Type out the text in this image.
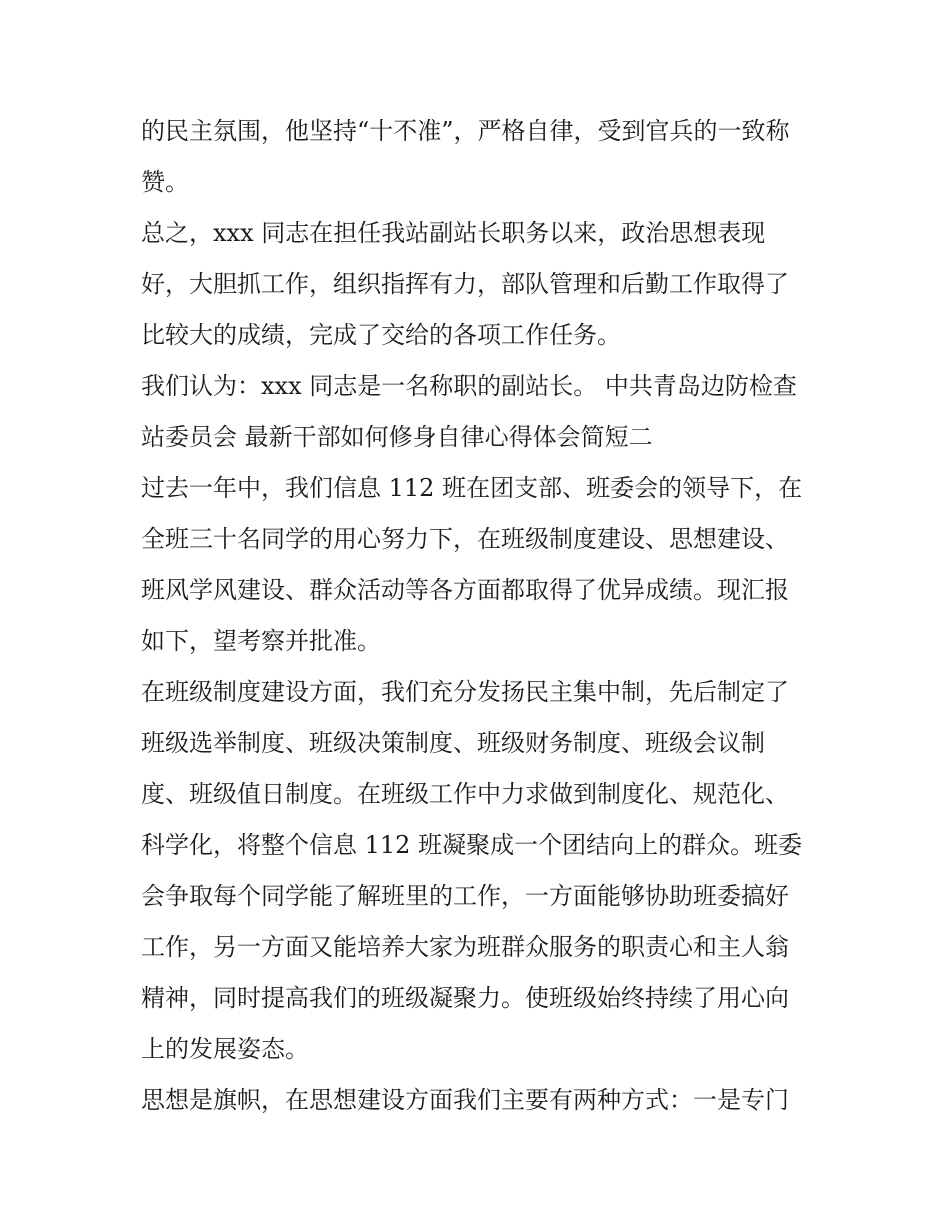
的民主氛围，他坚持“十不准”，严格自律，受到官兵的一致称
赞。
总之，xxx 同志在担任我站副站长职务以来，政治思想表现
好，大胆抓工作，组织指挥有力，部队管理和后勤工作取得了
比较大的成绩，完成了交给的各项工作任务。
我们认为：xxx 同志是一名称职的副站长。 中共青岛边防检查
站委员会 最新干部如何修身自律心得体会简短二
过去一年中，我们信息 112 班在团支部、班委会的领导下，在
全班三十名同学的用心努力下，在班级制度建设、思想建设、
班风学风建设、群众活动等各方面都取得了优异成绩。现汇报
如下，望考察并批准。
在班级制度建设方面，我们充分发扬民主集中制，先后制定了
班级选举制度、班级决策制度、班级财务制度、班级会议制
度、班级值日制度。在班级工作中力求做到制度化、规范化、
科学化，将整个信息 112 班凝聚成一个团结向上的群众。班委
会争取每个同学能了解班里的工作，一方面能够协助班委搞好
工作，另一方面又能培养大家为班群众服务的职责心和主人翁
精神，同时提高我们的班级凝聚力。使班级始终持续了用心向
上的发展姿态。
思想是旗帜，在思想建设方面我们主要有两种方式：一是专门
